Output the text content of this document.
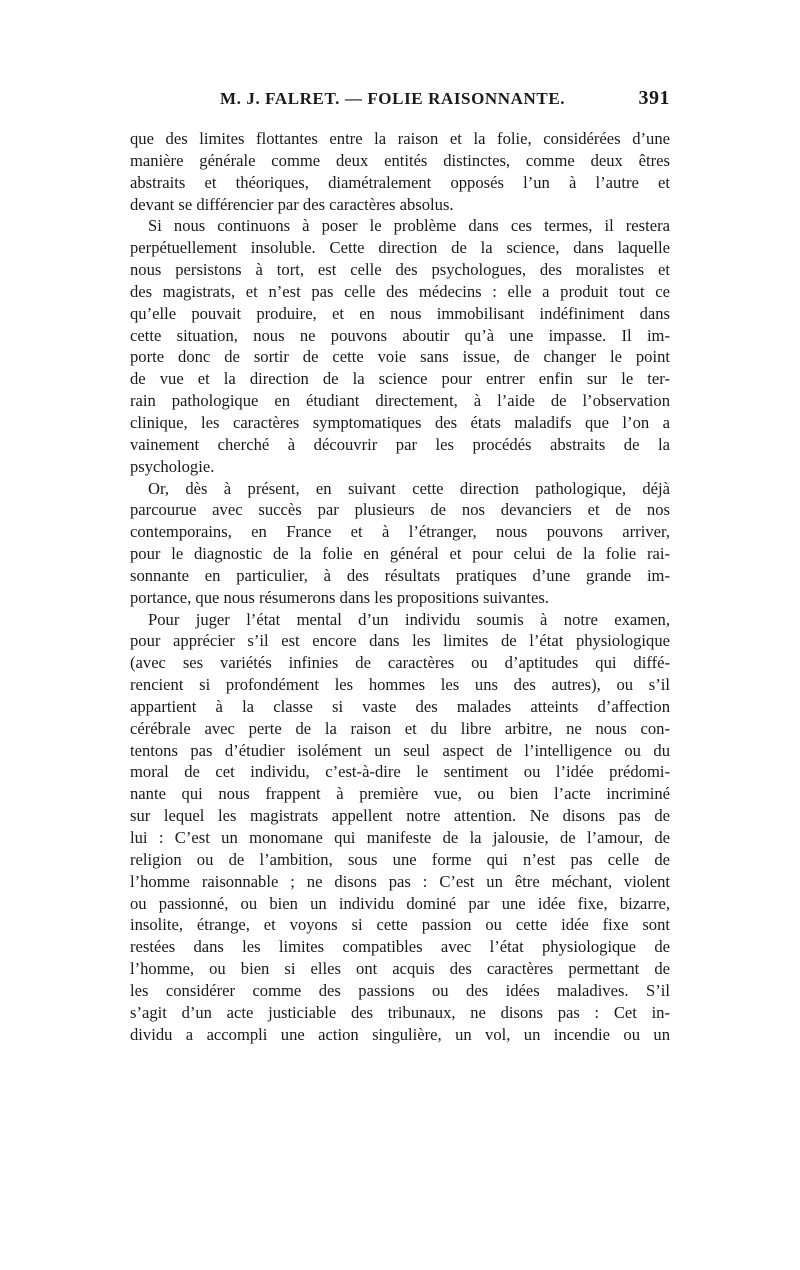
M. J. FALRET. — FOLIE RAISONNANTE.	391
que des limites flottantes entre la raison et la folie, considérées d’une
manière générale comme deux entités distinctes, comme deux êtres
abstraits et théoriques, diamétralement opposés l’un à l’autre et
devant se différencier par des caractères absolus.
Si nous continuons à poser le problème dans ces termes, il restera
perpétuellement insoluble. Cette direction de la science, dans laquelle
nous persistons à tort, est celle des psychologues, des moralistes et
des magistrats, et n’est pas celle des médecins : elle a produit tout ce
qu’elle pouvait produire, et en nous immobilisant indéfiniment dans
cette situation, nous ne pouvons aboutir qu’à une impasse. Il im-
porte donc de sortir de cette voie sans issue, de changer le point
de vue et la direction de la science pour entrer enfin sur le ter-
rain pathologique en étudiant directement, à l’aide de l’observation
clinique, les caractères symptomatiques des états maladifs que l’on a
vainement cherché à découvrir par les procédés abstraits de la
psychologie.
Or, dès à présent, en suivant cette direction pathologique, déjà
parcourue avec succès par plusieurs de nos devanciers et de nos
contemporains, en France et à l’étranger, nous pouvons arriver,
pour le diagnostic de la folie en général et pour celui de la folie rai-
sonnante en particulier, à des résultats pratiques d’une grande im-
portance, que nous résumerons dans les propositions suivantes.
Pour juger l’état mental d’un individu soumis à notre examen,
pour apprécier s’il est encore dans les limites de l’état physiologique
(avec ses variétés infinies de caractères ou d’aptitudes qui diffé-
rencient si profondément les hommes les uns des autres), ou s’il
appartient à la classe si vaste des malades atteints d’affection
cérébrale avec perte de la raison et du libre arbitre, ne nous con-
tentons pas d’étudier isolément un seul aspect de l’intelligence ou du
moral de cet individu, c’est-à-dire le sentiment ou l’idée prédomi-
nante qui nous frappent à première vue, ou bien l’acte incriminé
sur lequel les magistrats appellent notre attention. Ne disons pas de
lui : C’est un monomane qui manifeste de la jalousie, de l’amour, de
religion ou de l’ambition, sous une forme qui n’est pas celle de
l’homme raisonnable ; ne disons pas : C’est un être méchant, violent
ou passionné, ou bien un individu dominé par une idée fixe, bizarre,
insolite, étrange, et voyons si cette passion ou cette idée fixe sont
restées dans les limites compatibles avec l’état physiologique de
l’homme, ou bien si elles ont acquis des caractères permettant de
les considérer comme des passions ou des idées maladives. S’il
s’agit d’un acte justiciable des tribunaux, ne disons pas : Cet in-
dividu a accompli une action singulière, un vol, un incendie ou un
